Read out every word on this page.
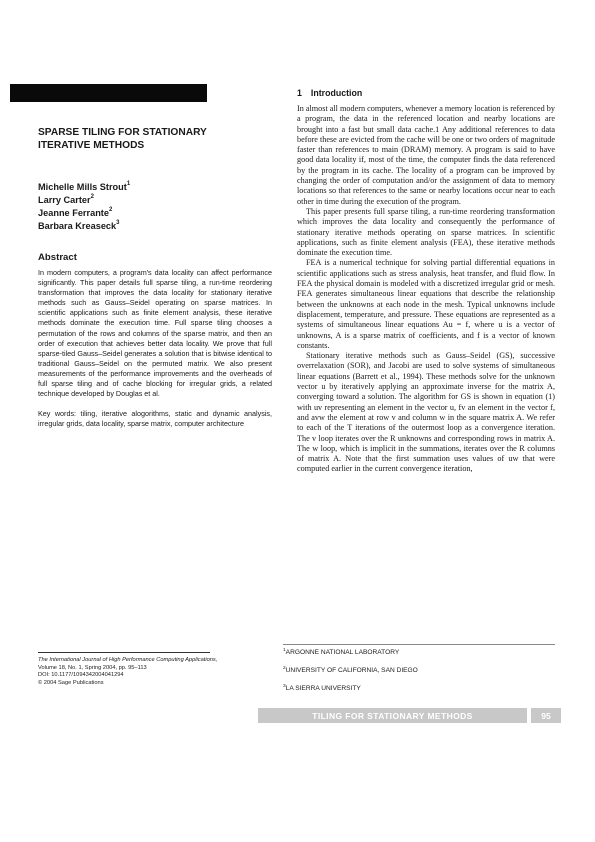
SPARSE TILING FOR STATIONARY
ITERATIVE METHODS
Michelle Mills Strout$^1$
Larry Carter$^2$
Jeanne Ferrante$^2$
Barbara Kreaseck$^3$
Abstract

In modern computers, a program's data locality can affect performance significantly. This paper details full sparse tiling, a run-time reordering transformation that improves the data locality for stationary iterative methods such as Gauss–Seidel operating on sparse matrices. In scientific applications such as finite element analysis, these iterative methods dominate the execution time. Full sparse tiling chooses a permutation of the rows and columns of the sparse matrix, and then an order of execution that achieves better data locality. We prove that full sparse-tiled Gauss–Seidel generates a solution that is bitwise identical to traditional Gauss–Seidel on the permuted matrix. We also present measurements of the performance improvements and the overheads of full sparse tiling and of cache blocking for irregular grids, a related technique developed by Douglas et al.

Key words: tiling, iterative alogorithms, static and dynamic analysis, irregular grids, data locality, sparse matrix, computer architecture

The International Journal of High Performance Computing Applications,
Volume 18, No. 1, Spring 2004, pp. 95–113
DOI: 10.1177/1094342004041294
© 2004 Sage Publications
1 Introduction

In almost all modern computers, whenever a memory location is referenced by a program, the data in the referenced location and nearby locations are brought into a fast but small data cache.1 Any additional references to data before these are evicted from the cache will be one or two orders of magnitude faster than references to main (DRAM) memory. A program is said to have good data locality if, most of the time, the computer finds the data referenced by the program in its cache. The locality of a program can be improved by changing the order of computation and/or the assignment of data to memory locations so that references to the same or nearby locations occur near to each other in time during the execution of the program.

This paper presents full sparse tiling, a run-time reordering transformation which improves the data locality and consequently the performance of stationary iterative methods operating on sparse matrices. In scientific applications, such as finite element analysis (FEA), these iterative methods dominate the execution time.

FEA is a numerical technique for solving partial differential equations in scientific applications such as stress analysis, heat transfer, and fluid flow. In FEA the physical domain is modeled with a discretized irregular grid or mesh. FEA generates simultaneous linear equations that describe the relationship between the unknowns at each node in the mesh. Typical unknowns include displacement, temperature, and pressure. These equations are represented as a systems of simultaneous linear equations Au = f, where u is a vector of unknowns, A is a sparse matrix of coefficients, and f is a vector of known constants.

Stationary iterative methods such as Gauss–Seidel (GS), successive overrelaxation (SOR), and Jacobi are used to solve systems of simultaneous linear equations (Barrett et al., 1994). These methods solve for the unknown vector u by iteratively applying an approximate inverse for the matrix A, converging toward a solution. The algorithm for GS is shown in equation (1) with uv representing an element in the vector u, fv an element in the vector f, and avw the element at row v and column w in the square matrix A. We refer to each of the T iterations of the outermost loop as a convergence iteration. The v loop iterates over the R unknowns and corresponding rows in matrix A. The w loop, which is implicit in the summations, iterates over the R columns of matrix A. Note that the first summation uses values of uw that were computed earlier in the current convergence iteration,

$^1$ARGONNE NATIONAL LABORATORY
$^2$UNIVERSITY OF CALIFORNIA, SAN DIEGO
$^3$LA SIERRA UNIVERSITY
TILING FOR STATIONARY METHODS	95
